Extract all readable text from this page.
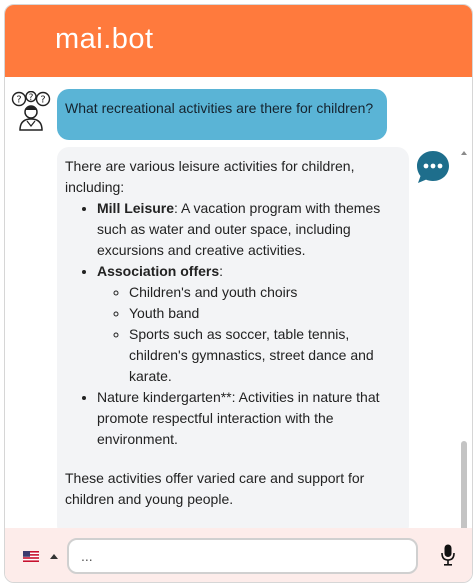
mai.bot
? ? ?	What recreational activities are there for children?

There are various leisure activities for children, including:

• Mill Leisure: A vacation program with themes such as water and outer space, including excursions and creative activities.
• Association offers:
◦ Children's and youth choirs
◦ Youth band
◦ Sports such as soccer, table tennis, children's gymnastics, street dance and karate.
• Nature kindergarten**: Activities in nature that promote respectful interaction with the environment.

These activities offer varied care and support for children and young people.

...
